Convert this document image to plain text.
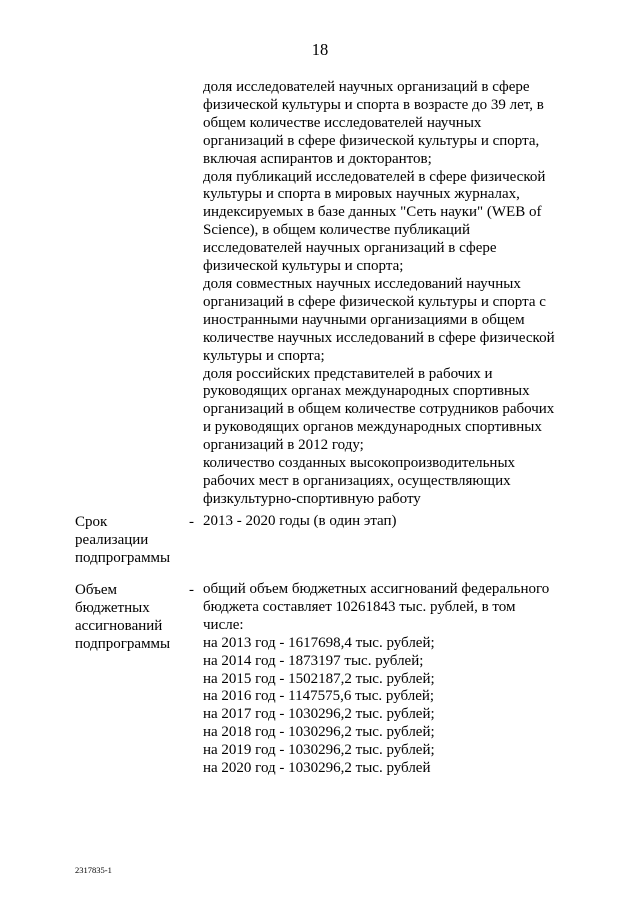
18
доля исследователей научных организаций в сфере
физической культуры и спорта в возрасте до 39 лет, в
общем количестве исследователей научных
организаций в сфере физической культуры и спорта,
включая аспирантов и докторантов;
доля публикаций исследователей в сфере физической
культуры и спорта в мировых научных журналах,
индексируемых в базе данных "Сеть науки" (WEB of
Science), в общем количестве публикаций
исследователей научных организаций в сфере
физической культуры и спорта;
доля совместных научных исследований научных
организаций в сфере физической культуры и спорта с
иностранными научными организациями в общем
количестве научных исследований в сфере физической
культуры и спорта;
доля российских представителей в рабочих и
руководящих органах международных спортивных
организаций в общем количестве сотрудников рабочих
и руководящих органов международных спортивных
организаций в 2012 году;
количество созданных высокопроизводительных
рабочих мест в организациях, осуществляющих
физкультурно-спортивную работу
Срок
реализации
подпрограммы
- 2013 - 2020 годы (в один этап)
Объем
бюджетных
ассигнований
подпрограммы
- общий объем бюджетных ассигнований федерального
бюджета составляет 10261843 тыс. рублей, в том
числе:
на 2013 год - 1617698,4 тыс. рублей;
на 2014 год - 1873197 тыс. рублей;
на 2015 год - 1502187,2 тыс. рублей;
на 2016 год - 1147575,6 тыс. рублей;
на 2017 год - 1030296,2 тыс. рублей;
на 2018 год - 1030296,2 тыс. рублей;
на 2019 год - 1030296,2 тыс. рублей;
на 2020 год - 1030296,2 тыс. рублей
2317835-1
